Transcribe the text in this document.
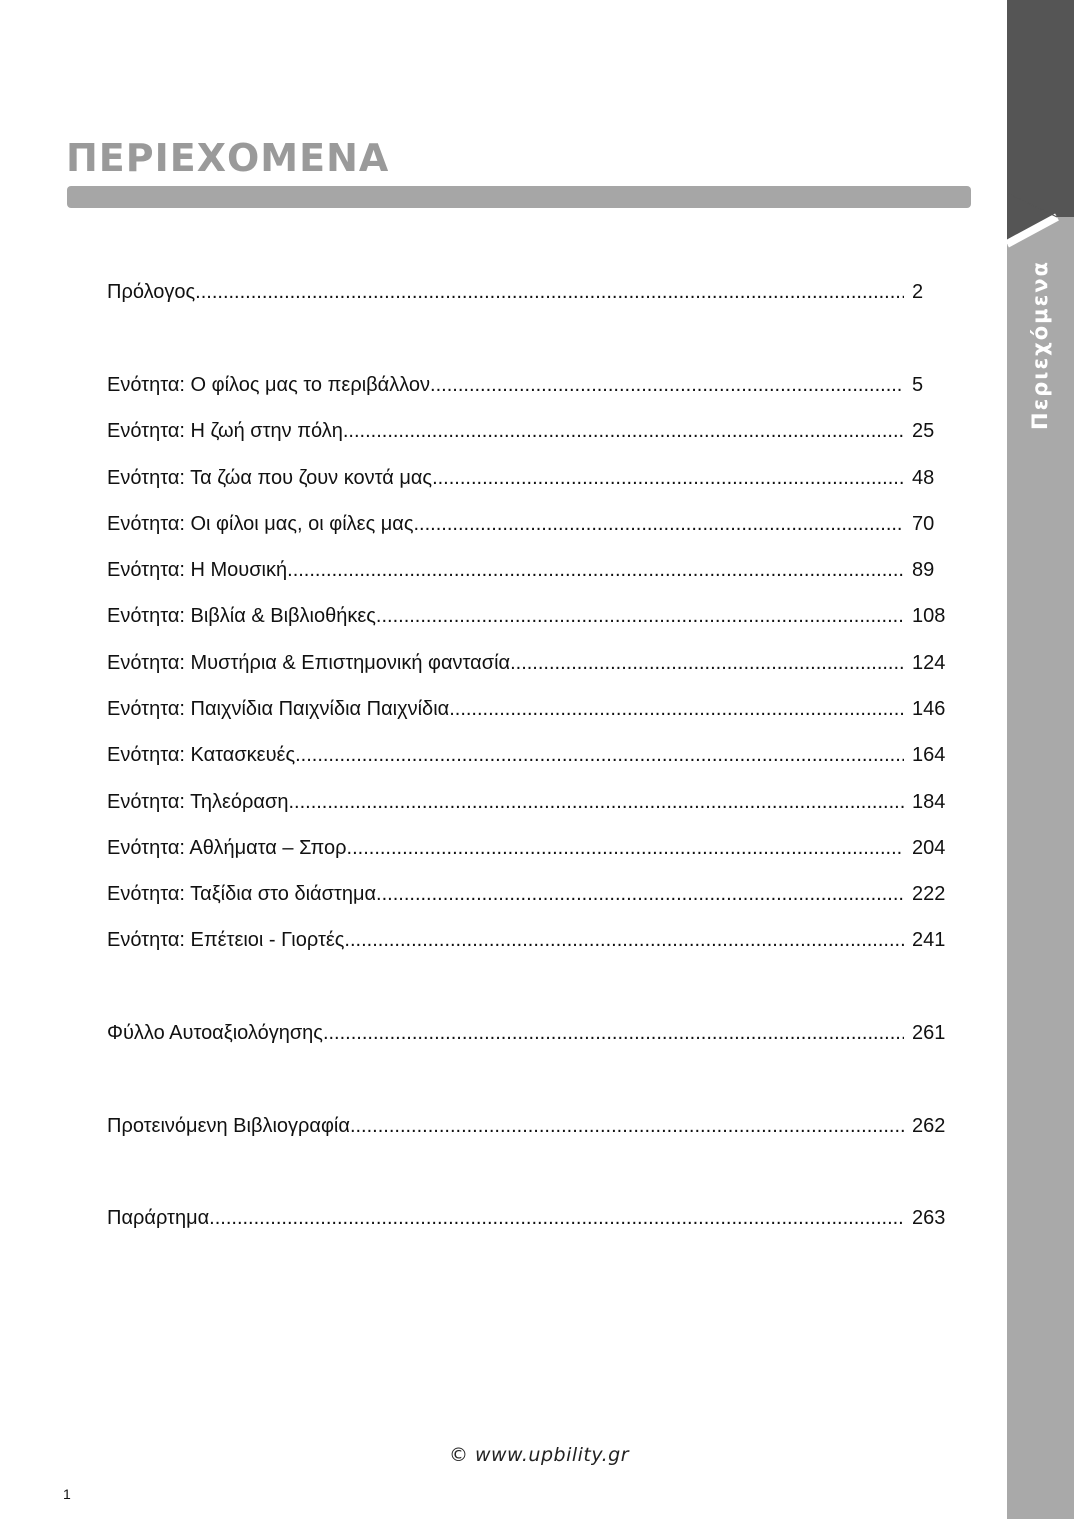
Περιεχόμενα
ΠΕΡΙΕΧΟΜΕΝΑ
Πρόλογος .....	2
Ενότητα: Ο φίλος μας το περιβάλλον .....	5
Ενότητα: Η ζωή στην πόλη .....	25
Ενότητα: Τα ζώα που ζουν κοντά μας .....	48
Ενότητα: Οι φίλοι μας, οι φίλες μας .....	70
Ενότητα: Η Μουσική .....	89
Ενότητα: Βιβλία & Βιβλιοθήκες .....	108
Ενότητα: Μυστήρια & Επιστημονική φαντασία .....	124
Ενότητα: Παιχνίδια Παιχνίδια Παιχνίδια .....	146
Ενότητα: Κατασκευές .....	164
Ενότητα: Τηλεόραση .....	184
Ενότητα: Αθλήματα – Σπορ .....	204
Ενότητα: Ταξίδια στο διάστημα .....	222
Ενότητα: Επέτειοι - Γιορτές .....	241
Φύλλο Αυτοαξιολόγησης .....	261
Προτεινόμενη Βιβλιογραφία .....	262
Παράρτημα .....	263
© www.upbility.gr
1
